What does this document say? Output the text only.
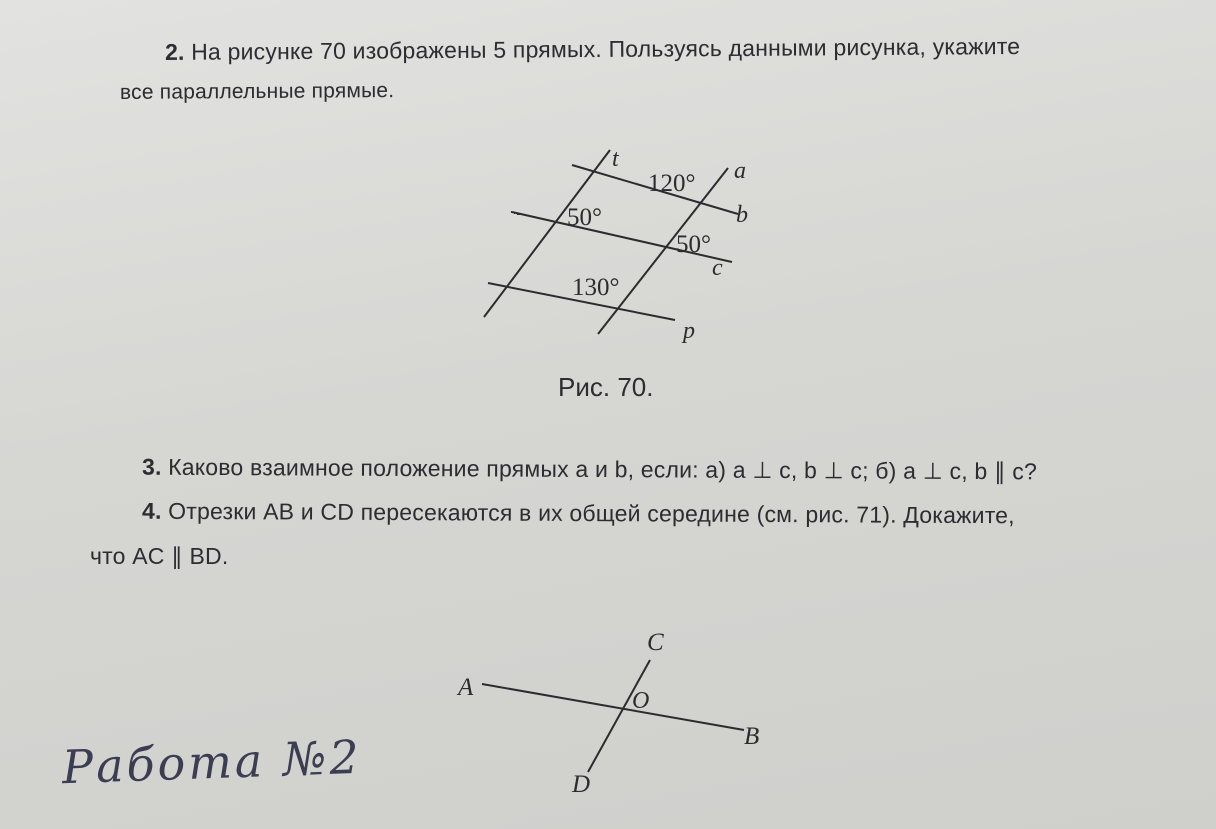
2. На рисунке 70 изображены 5 прямых. Пользуясь данными рисунка, укажите
все параллельные прямые.
t	a
b
c
p
120°
50°
50°
130°
Рис. 70.
3. Каково взаимное положение прямых a и b, если: а) a ⊥ c, b ⊥ c; б) a ⊥ c, b ∥ c?
4. Отрезки AB и CD пересекаются в их общей середине (см. рис. 71). Докажите,
что AC ∥ BD.
A
B
C
D
O
Работа №2
